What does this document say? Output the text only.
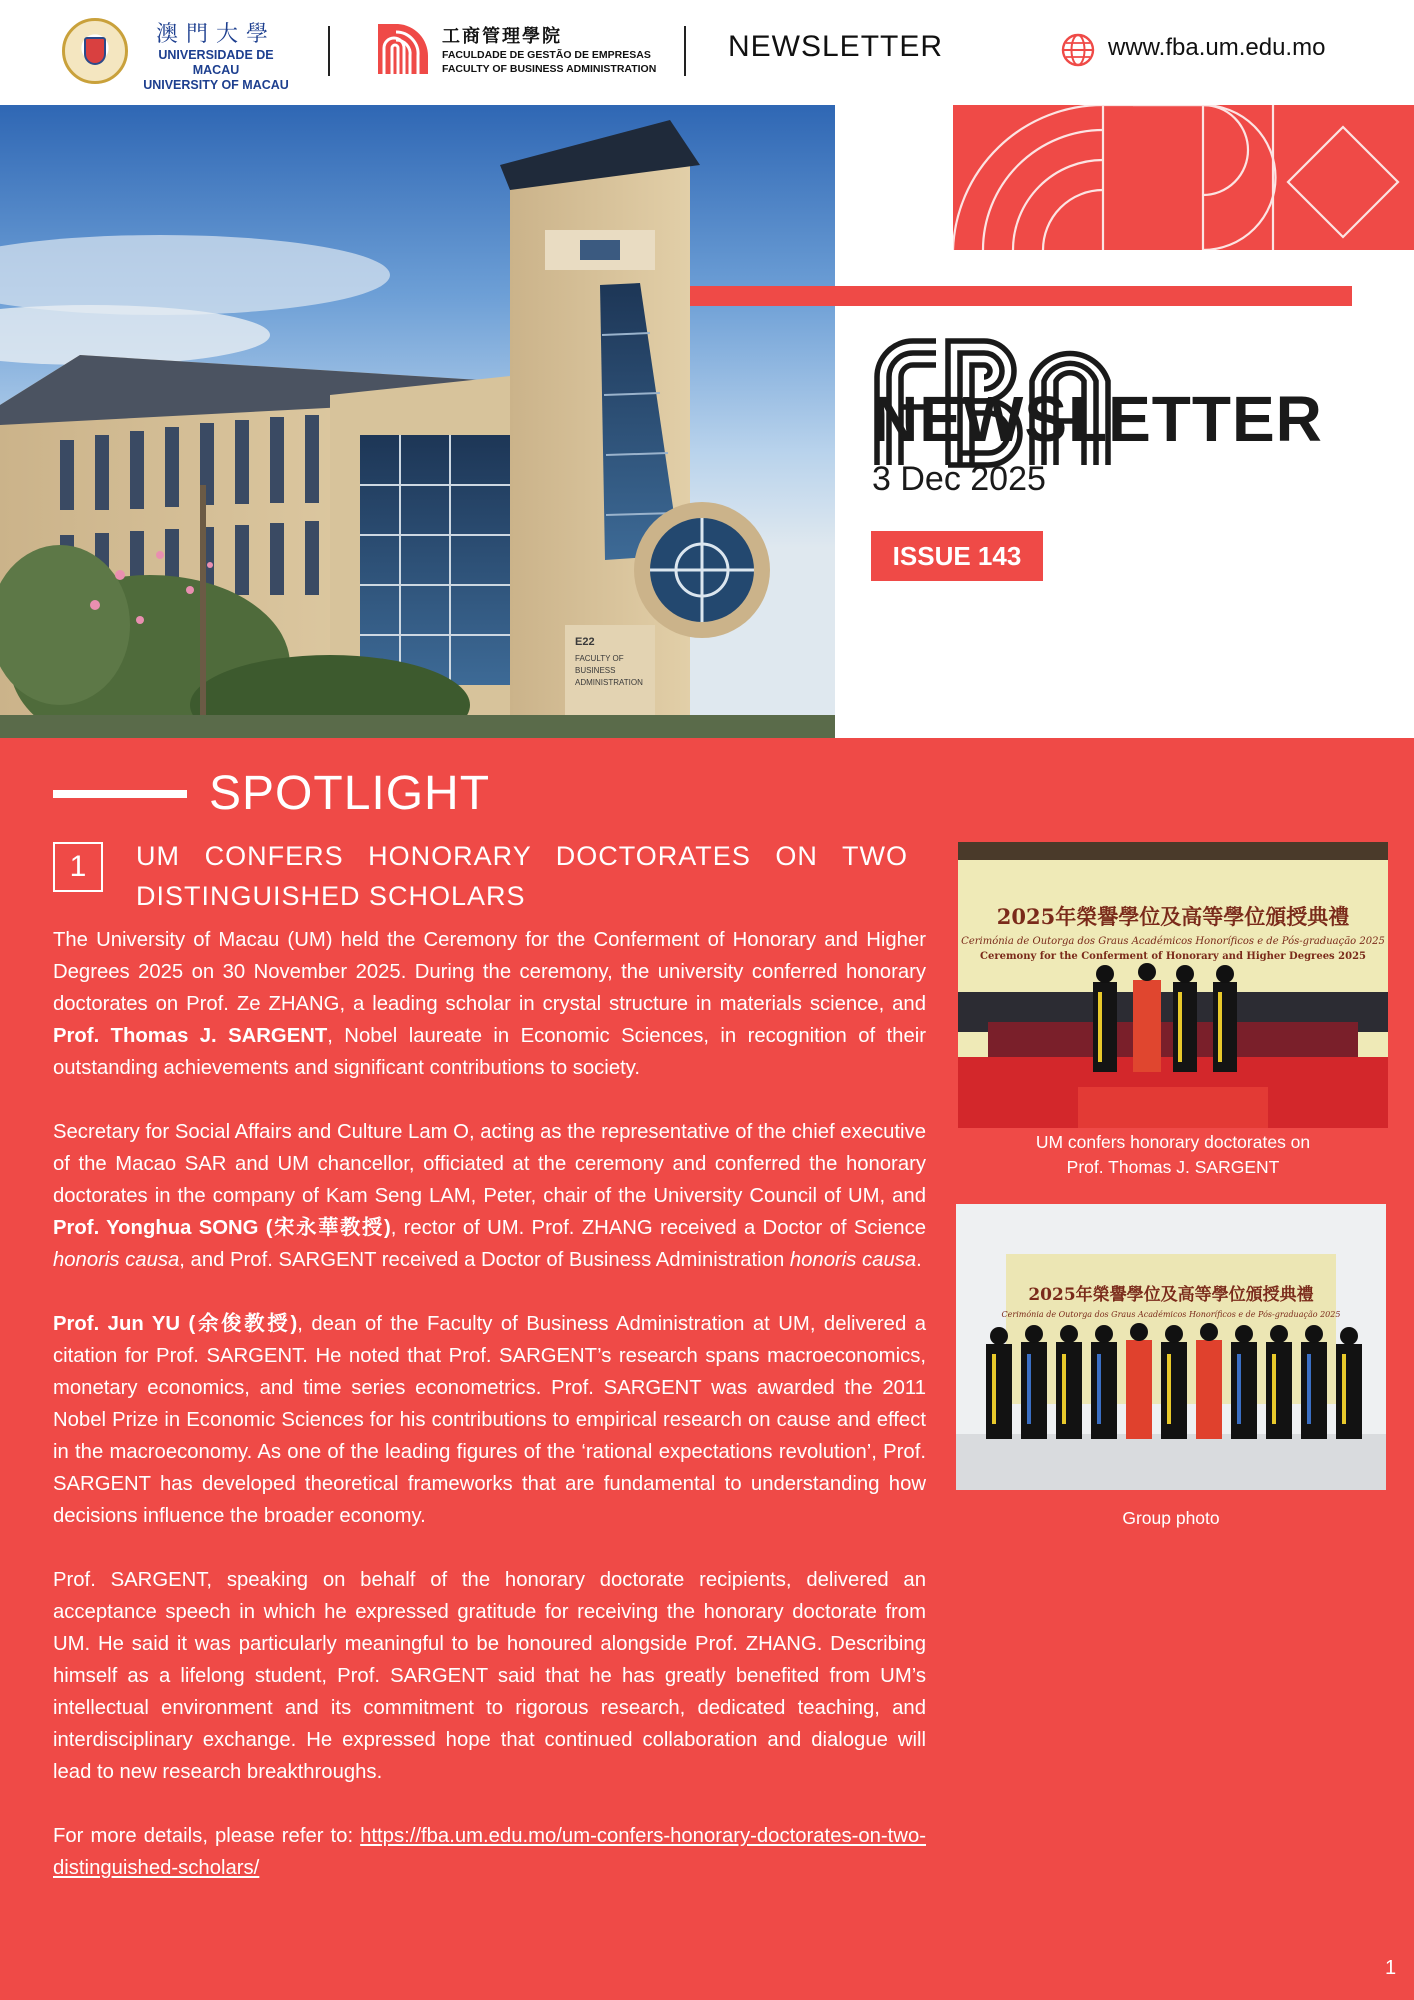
澳門大學
UNIVERSIDADE DE MACAU
UNIVERSITY OF MACAU
工商管理學院
FACULDADE DE GESTÃO DE EMPRESAS
FACULTY OF BUSINESS ADMINISTRATION
NEWSLETTER	www.fba.um.edu.mo
E22
FACULTY OF
BUSINESS
ADMINISTRATION
NEWSLETTER
3 Dec 2025
ISSUE 143
SPOTLIGHT
1	UM CONFERS HONORARY DOCTORATES ON TWO DISTINGUISHED SCHOLARS

The University of Macau (UM) held the Ceremony for the Conferment of Honorary and Higher Degrees 2025 on 30 November 2025. During the ceremony, the university conferred honorary doctorates on Prof. Ze ZHANG, a leading scholar in crystal structure in materials science, and Prof. Thomas J. SARGENT, Nobel laureate in Economic Sciences, in recognition of their outstanding achievements and significant contributions to society.

Secretary for Social Affairs and Culture Lam O, acting as the representative of the chief executive of the Macao SAR and UM chancellor, officiated at the ceremony and conferred the honorary doctorates in the company of Kam Seng LAM, Peter, chair of the University Council of UM, and Prof. Yonghua SONG (宋永華教授), rector of UM. Prof. ZHANG received a Doctor of Science honoris causa, and Prof. SARGENT received a Doctor of Business Administration honoris causa.

Prof. Jun YU (余俊教授), dean of the Faculty of Business Administration at UM, delivered a citation for Prof. SARGENT. He noted that Prof. SARGENT’s research spans macroeconomics, monetary economics, and time series econometrics. Prof. SARGENT was awarded the 2011 Nobel Prize in Economic Sciences for his contributions to empirical research on cause and effect in the macroeconomy. As one of the leading figures of the ‘rational expectations revolution’, Prof. SARGENT has developed theoretical frameworks that are fundamental to understanding how decisions influence the broader economy.

Prof. SARGENT, speaking on behalf of the honorary doctorate recipients, delivered an acceptance speech in which he expressed gratitude for receiving the honorary doctorate from UM. He said it was particularly meaningful to be honoured alongside Prof. ZHANG. Describing himself as a lifelong student, Prof. SARGENT said that he has greatly benefited from UM’s intellectual environment and its commitment to rigorous research, dedicated teaching, and interdisciplinary exchange. He expressed hope that continued collaboration and dialogue will lead to new research breakthroughs.

For more details, please refer to: https://fba.um.edu.mo/um-confers-honorary-doctorates-on-two-distinguished-scholars/

2025年榮譽學位及高等學位頒授典禮
Cerimónia de Outorga dos Graus Académicos Honoríficos e de Pós-graduação 2025
Ceremony for the Conferment of Honorary and Higher Degrees 2025
UM confers honorary doctorates on
Prof. Thomas J. SARGENT
2025年榮譽學位及高等學位頒授典禮
Cerimónia de Outorga dos Graus Académicos Honoríficos e de Pós-graduação 2025
Group photo
1
